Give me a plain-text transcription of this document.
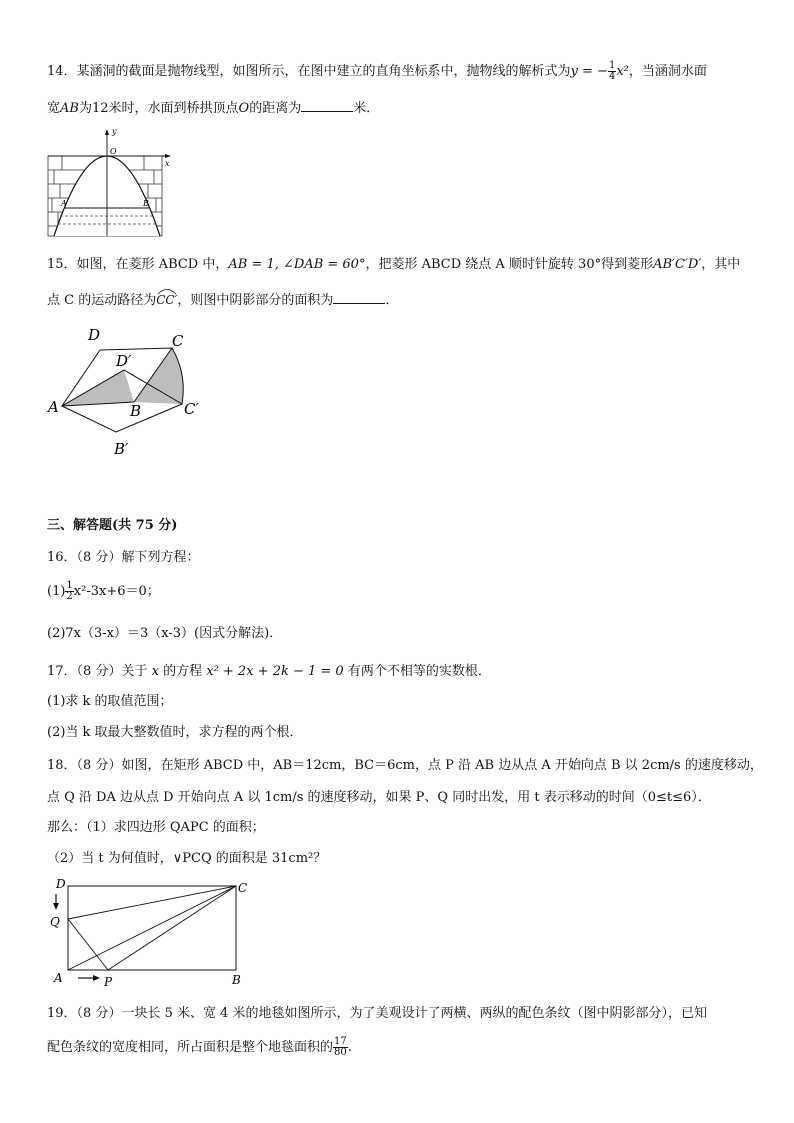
14．某涵洞的截面是抛物线型，如图所示，在图中建立的直角坐标系中，抛物线的解析式为y = − $\frac{1}{4} x^2$，当涵洞水面
宽AB为12米时，水面到桥拱顶点O的距离为	米．
y
x
O
A	B
15．如图，在菱形 ABCD 中，AB = 1, ∠DAB = 60°，把菱形 ABCD 绕点 A 顺时针旋转 30°得到菱形AB′C′D′，其中
点 C 的运动路径为CC′
，则图中阴影部分的面积为	．
D	C
D′
A	B	C′
B′
三、解答题(共 75 分)
16．（8 分）解下列方程：
$(1) \frac{1}{2} x^2-3x+6=0$；
(2)7x（3-x）＝3（x-3）(因式分解法)．
17．（8 分）关于 x 的方程 x² + 2x + 2k − 1 = 0 有两个不相等的实数根．
(1)求 k 的取值范围；
(2)当 k 取最大整数值时，求方程的两个根．
18．（8 分）如图，在矩形 ABCD 中，AB＝12cm，BC＝6cm，点 P 沿 AB 边从点 A 开始向点 B 以 2cm/s 的速度移动，
点 Q 沿 DA 边从点 D 开始向点 A 以 1cm/s 的速度移动，如果 P、Q 同时出发，用 t 表示移动的时间（0≤t≤6）．
那么：（1）求四边形 QAPC 的面积；
（2）当 t 为何值时，∨PCQ 的面积是 31cm²？
D	C
Q
A	P	B
19．（8 分）一块长 5 米、宽 4 米的地毯如图所示，为了美观设计了两横、两纵的配色条纹（图中阴影部分），已知
配色条纹的宽度相同，所占面积是整个地毯面积的 $\frac{17}{80}$ .
